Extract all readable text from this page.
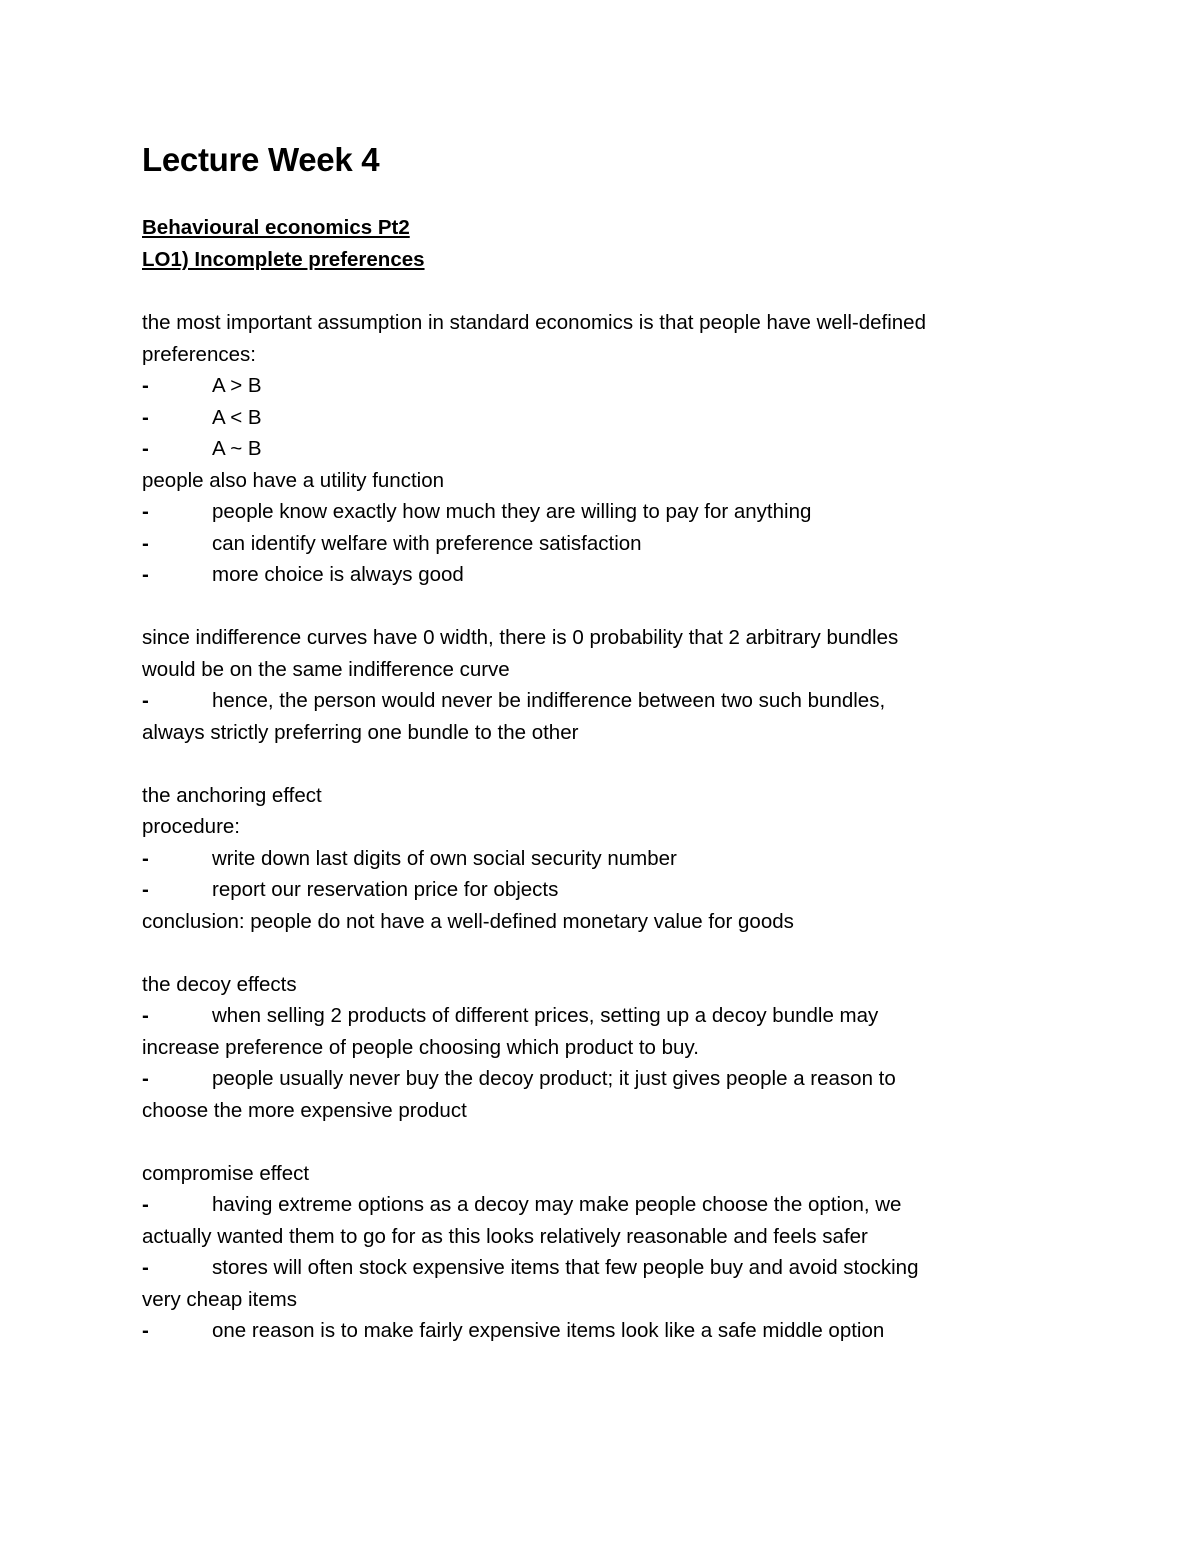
Lecture Week 4

Behavioural economics Pt2

LO1) Incomplete preferences

the most important assumption in standard economics is that people have well-defined

preferences:

-	A > B
-	A < B
-	A ~ B

people also have a utility function

-	people know exactly how much they are willing to pay for anything
-	can identify welfare with preference satisfaction
-	more choice is always good

since indifference curves have 0 width, there is 0 probability that 2 arbitrary bundles

would be on the same indifference curve

-	hence, the person would never be indifference between two such bundles,

always strictly preferring one bundle to the other

the anchoring effect

procedure:

-	write down last digits of own social security number
-	report our reservation price for objects

conclusion: people do not have a well-defined monetary value for goods

the decoy effects

-	when selling 2 products of different prices, setting up a decoy bundle may

increase preference of people choosing which product to buy.

-	people usually never buy the decoy product; it just gives people a reason to

choose the more expensive product

compromise effect

-	having extreme options as a decoy may make people choose the option, we

actually wanted them to go for as this looks relatively reasonable and feels safer

-	stores will often stock expensive items that few people buy and avoid stocking

very cheap items

-	one reason is to make fairly expensive items look like a safe middle option
